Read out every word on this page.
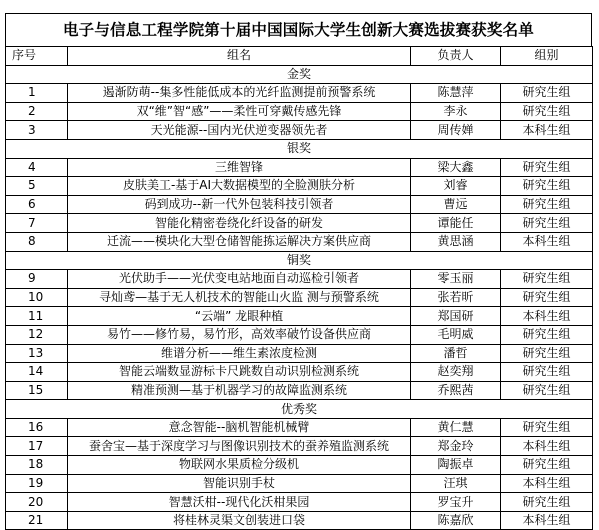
电子与信息工程学院第十届中国国际大学生创新大赛选拔赛获奖名单
序号	组名	负责人	组别
金奖			
1	遏渐防萌--集多性能低成本的光纤监测提前预警系统	陈慧萍	研究生组
2	双“维”智“感”——柔性可穿戴传感先锋	李永	研究生组
3	天光能源--国内光伏逆变器领先者	周传婵	本科生组
银奖			
4	三维智锋	梁大鑫	研究生组
5	皮肤美工-基于AI大数据模型的全脸测肤分析	刘睿	研究生组
6	码到成功--新一代外包装科技引领者	曹远	研究生组
7	智能化精密卷绕化纤设备的研发	谭能任	研究生组
8	迁流——模块化大型仓储智能拣运解决方案供应商	黄思涵	本科生组
铜奖			
9	光伏助手——光伏变电站地面自动巡检引领者	零玉丽	研究生组
10	寻灿鸢—基于无人机技术的智能山火监 测与预警系统	张若昕	研究生组
11	“云端” 龙眼种植	郑国研	本科生组
12	易竹——修竹易，易竹形，高效率破竹设备供应商	毛明威	研究生组
13	维谱分析——维生素浓度检测	潘哲	研究生组
14	智能云端数显游标卡尺跳数自动识别检测系统	赵奕翔	研究生组
15	精准预测—基于机器学习的故障监测系统	乔熙茜	研究生组
优秀奖			
16	意念智能--脑机智能机械臂	黄仁慧	研究生组
17	蚕舍宝—基于深度学习与图像识别技术的蚕养殖监测系统	郑金玲	本科生组
18	物联网水果质检分级机	陶振卓	研究生组
19	智能识别手杖	汪琪	本科生组
20	智慧沃柑--现代化沃柑果园	罗宝升	研究生组
21	将桂林灵渠文创装进口袋	陈嘉欣	本科生组
